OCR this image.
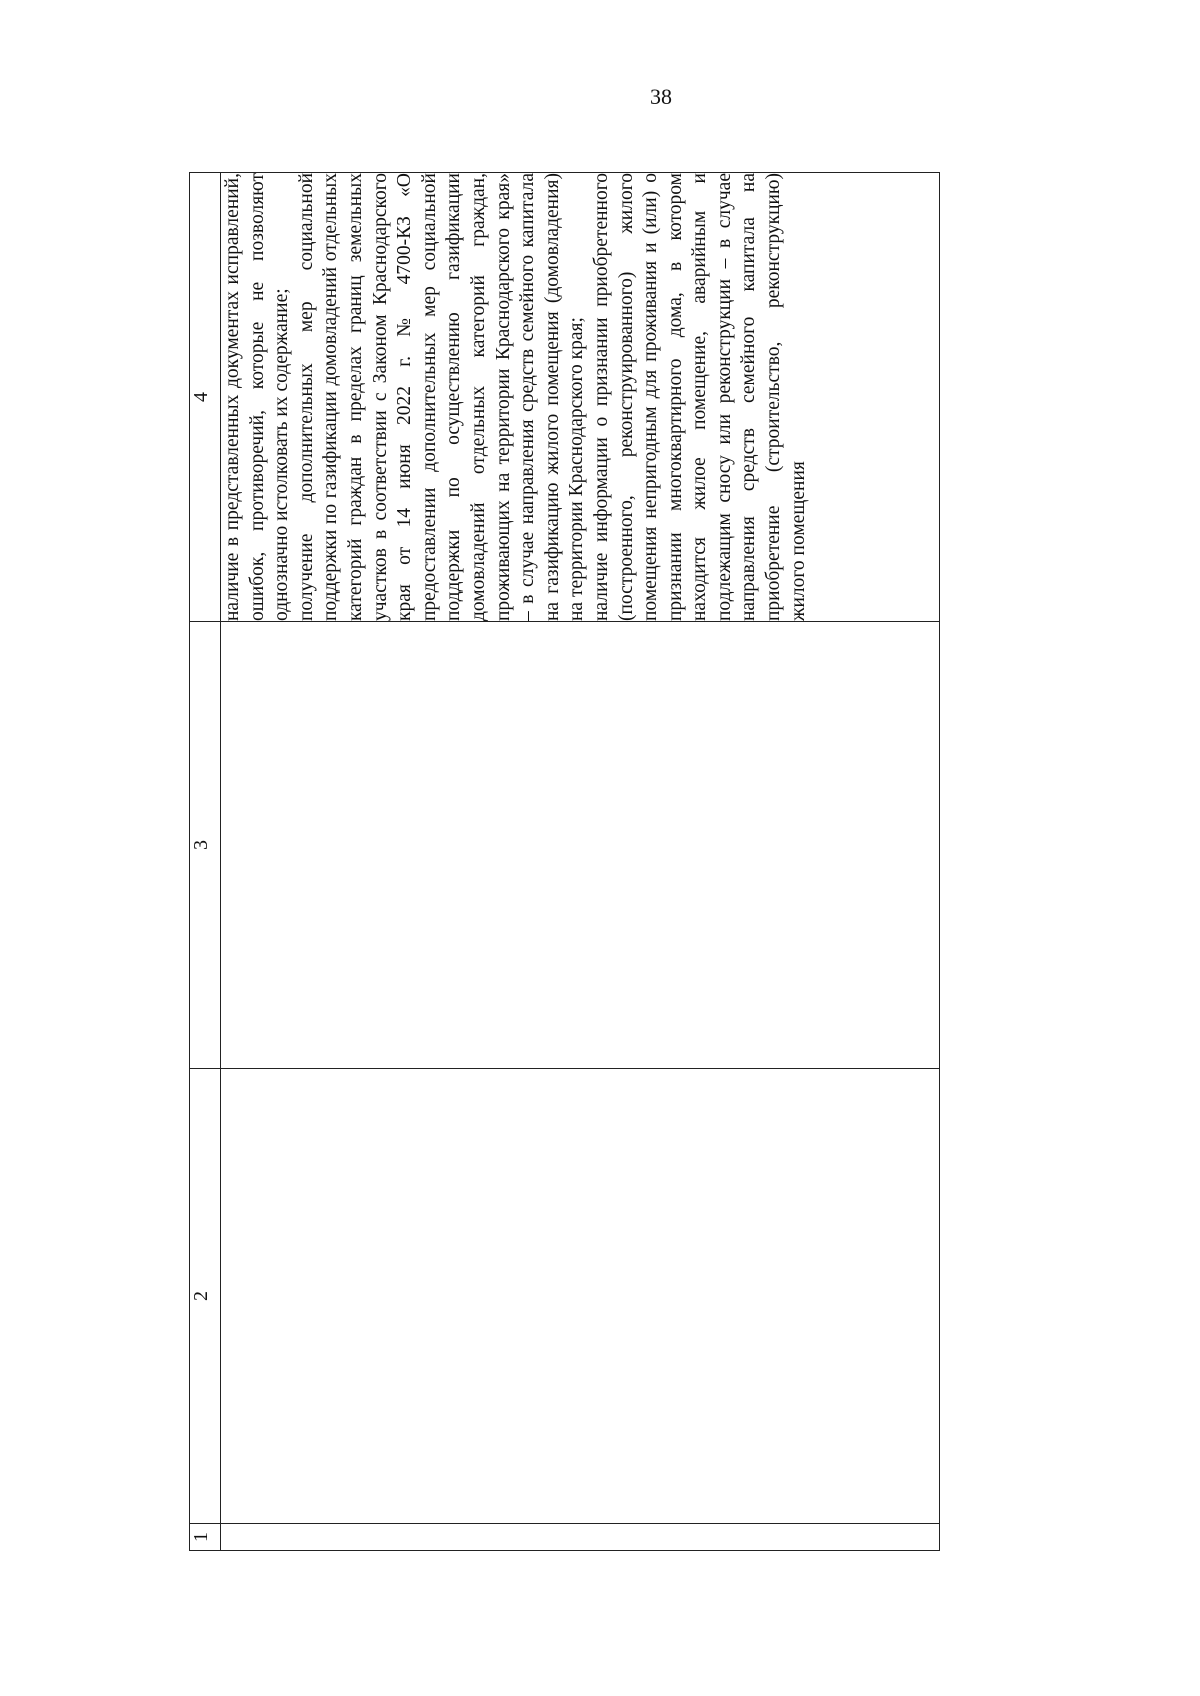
38
1	2	3	4

			наличие в представленных документах исправлений, ошибок, противоречий, которые не позволяют однозначно истолковать их содержание; получение дополнительных мер социальной поддержки по газификации домовладений отдельных категорий граждан в пределах границ земельных участков в соответствии с Законом Краснодарского края от 14 июня 2022 г. № 4700-КЗ «О предоставлении дополнительных мер социальной поддержки по осуществлению газификации домовладений отдельных категорий граждан, проживающих на территории Краснодарского края» – в случае направления средств семейного капитала на газификацию жилого помещения (домовладения) на территории Краснодарского края; наличие информации о признании приобретенного (построенного, реконструированного) жилого помещения непригодным для проживания и (или) о признании многоквартирного дома, в котором находится жилое помещение, аварийным и подлежащим сносу или реконструкции – в случае направления средств семейного капитала на приобретение (строительство, реконструкцию) жилого помещения
